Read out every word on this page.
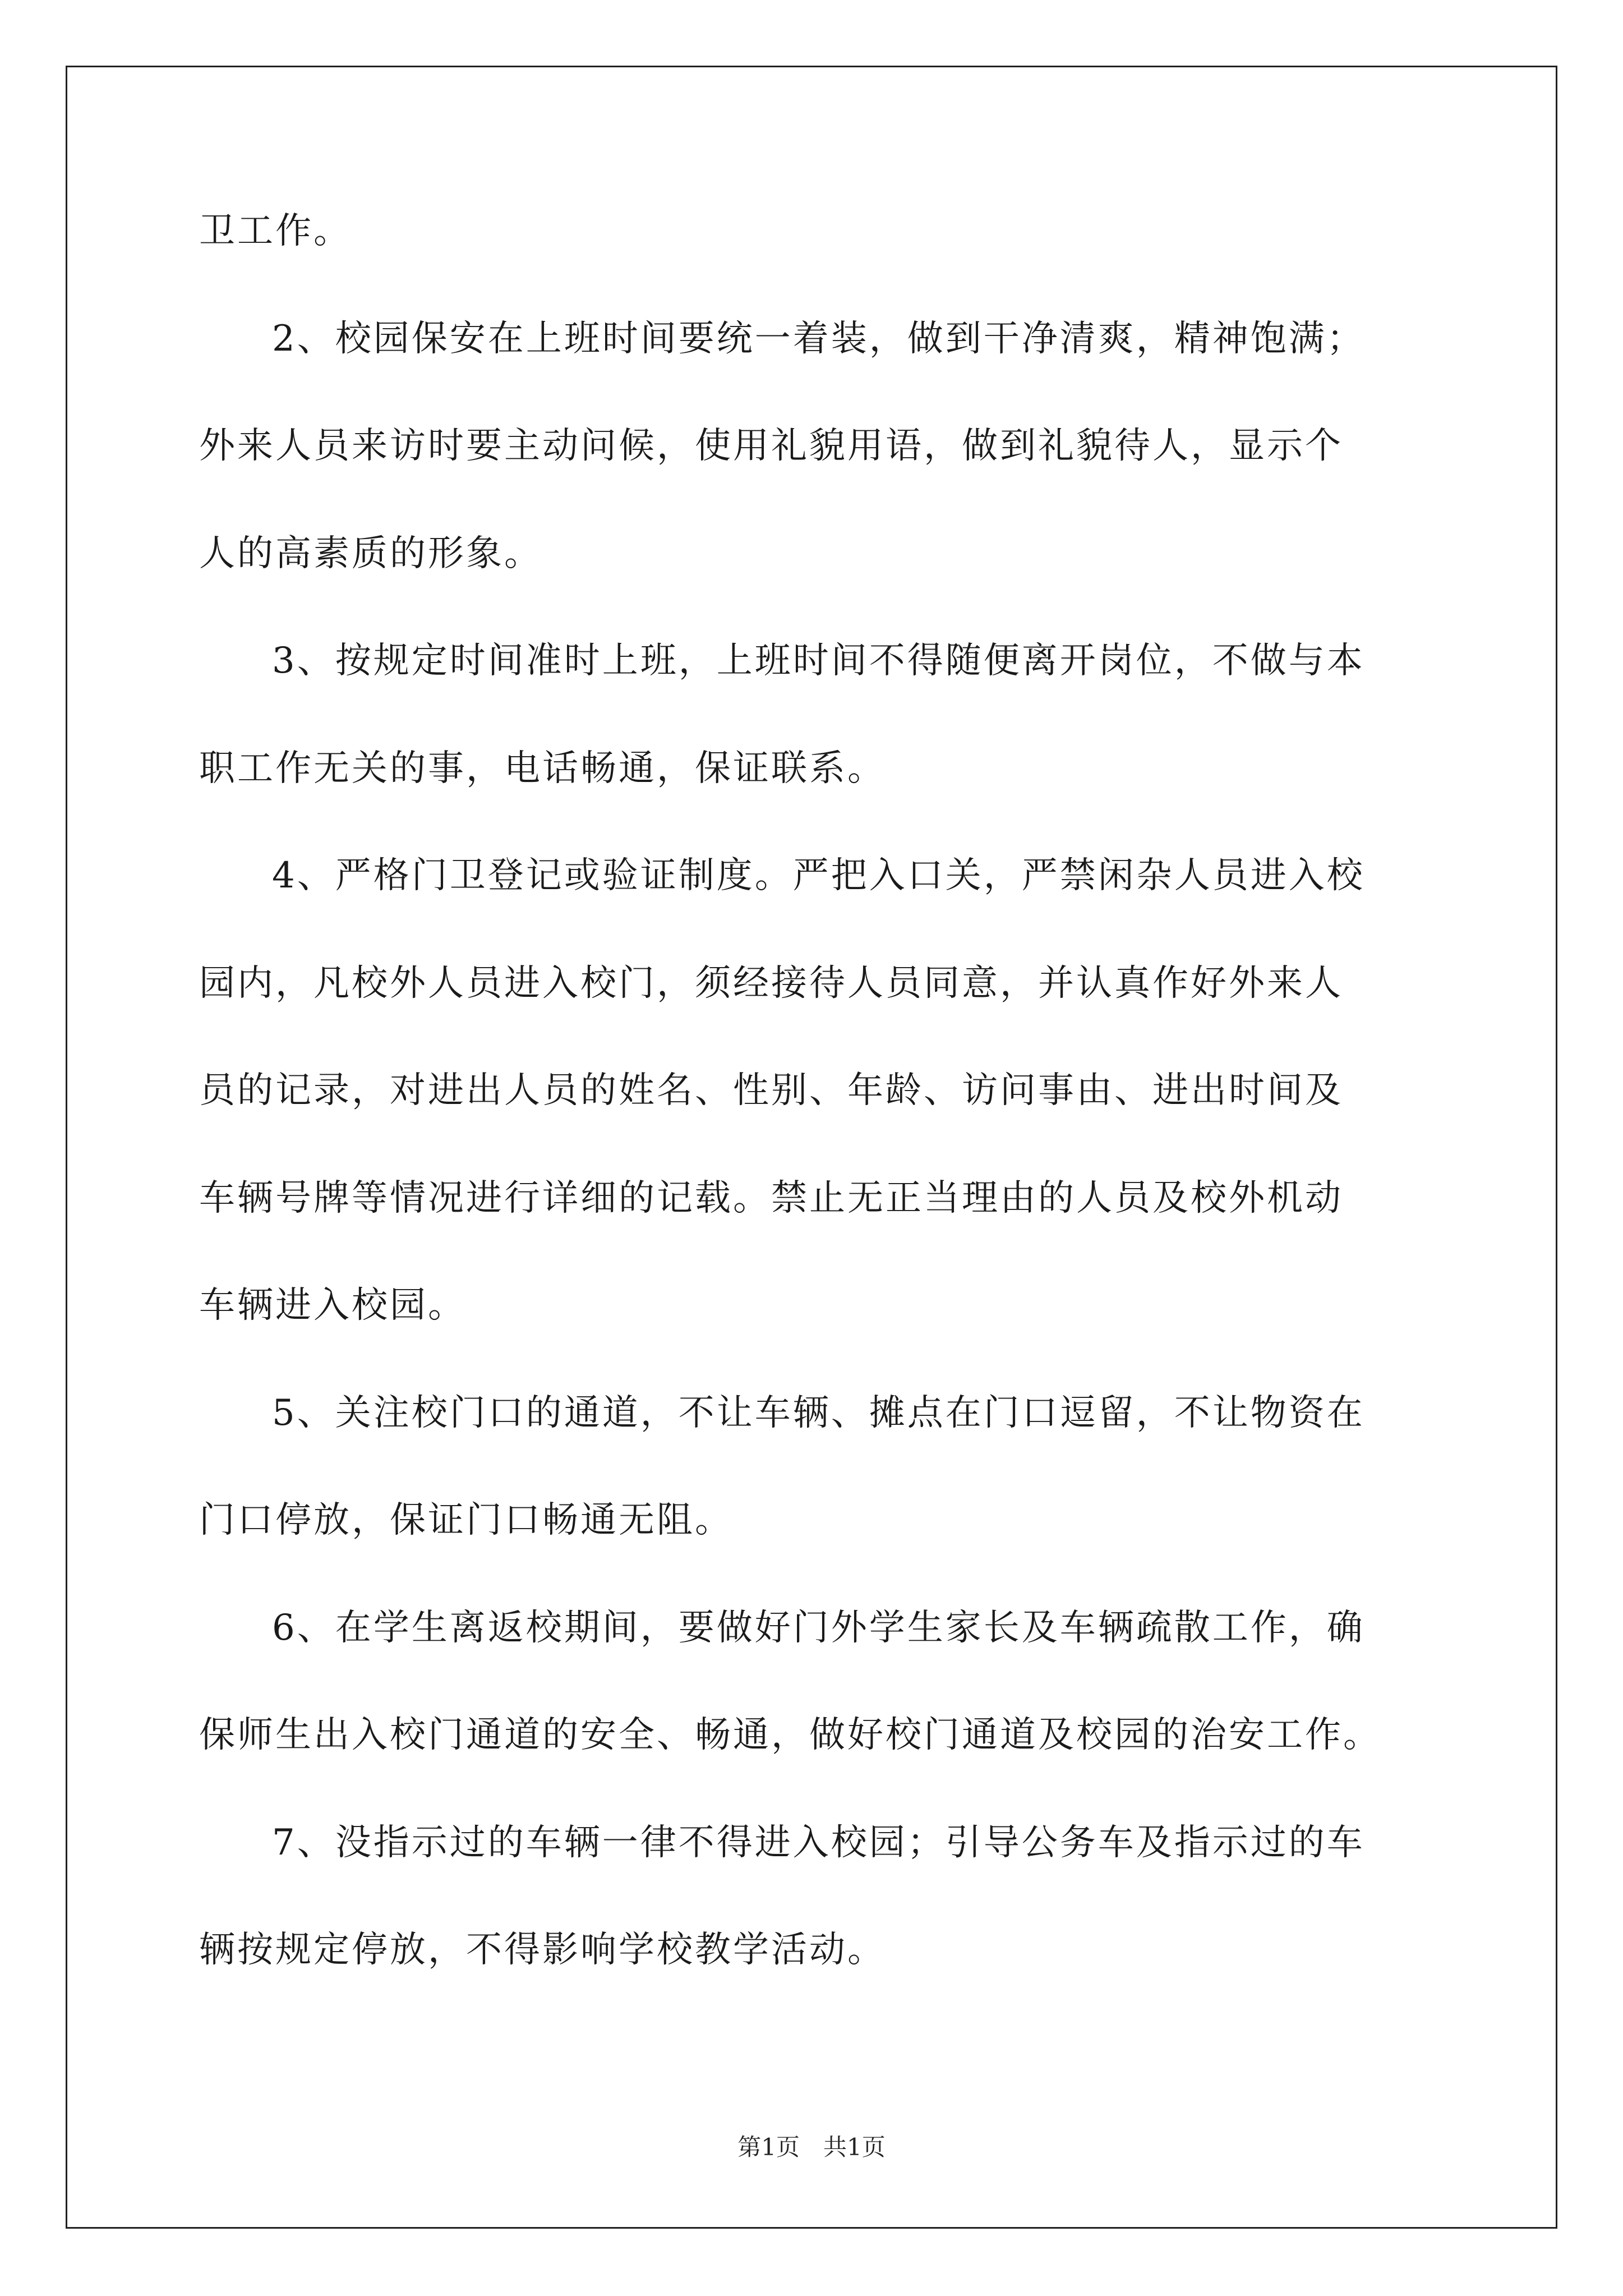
卫工作。
2、校园保安在上班时间要统一着装，做到干净清爽，精神饱满；
外来人员来访时要主动问候，使用礼貌用语，做到礼貌待人，显示个
人的高素质的形象。
3、按规定时间准时上班，上班时间不得随便离开岗位，不做与本
职工作无关的事，电话畅通，保证联系。
4、严格门卫登记或验证制度。严把入口关，严禁闲杂人员进入校
园内，凡校外人员进入校门，须经接待人员同意，并认真作好外来人
员的记录，对进出人员的姓名、性别、年龄、访问事由、进出时间及
车辆号牌等情况进行详细的记载。禁止无正当理由的人员及校外机动
车辆进入校园。
5、关注校门口的通道，不让车辆、摊点在门口逗留，不让物资在
门口停放，保证门口畅通无阻。
6、在学生离返校期间，要做好门外学生家长及车辆疏散工作，确
保师生出入校门通道的安全、畅通，做好校门通道及校园的治安工作。
7、没指示过的车辆一律不得进入校园；引导公务车及指示过的车
辆按规定停放，不得影响学校教学活动。
第1页　共1页
